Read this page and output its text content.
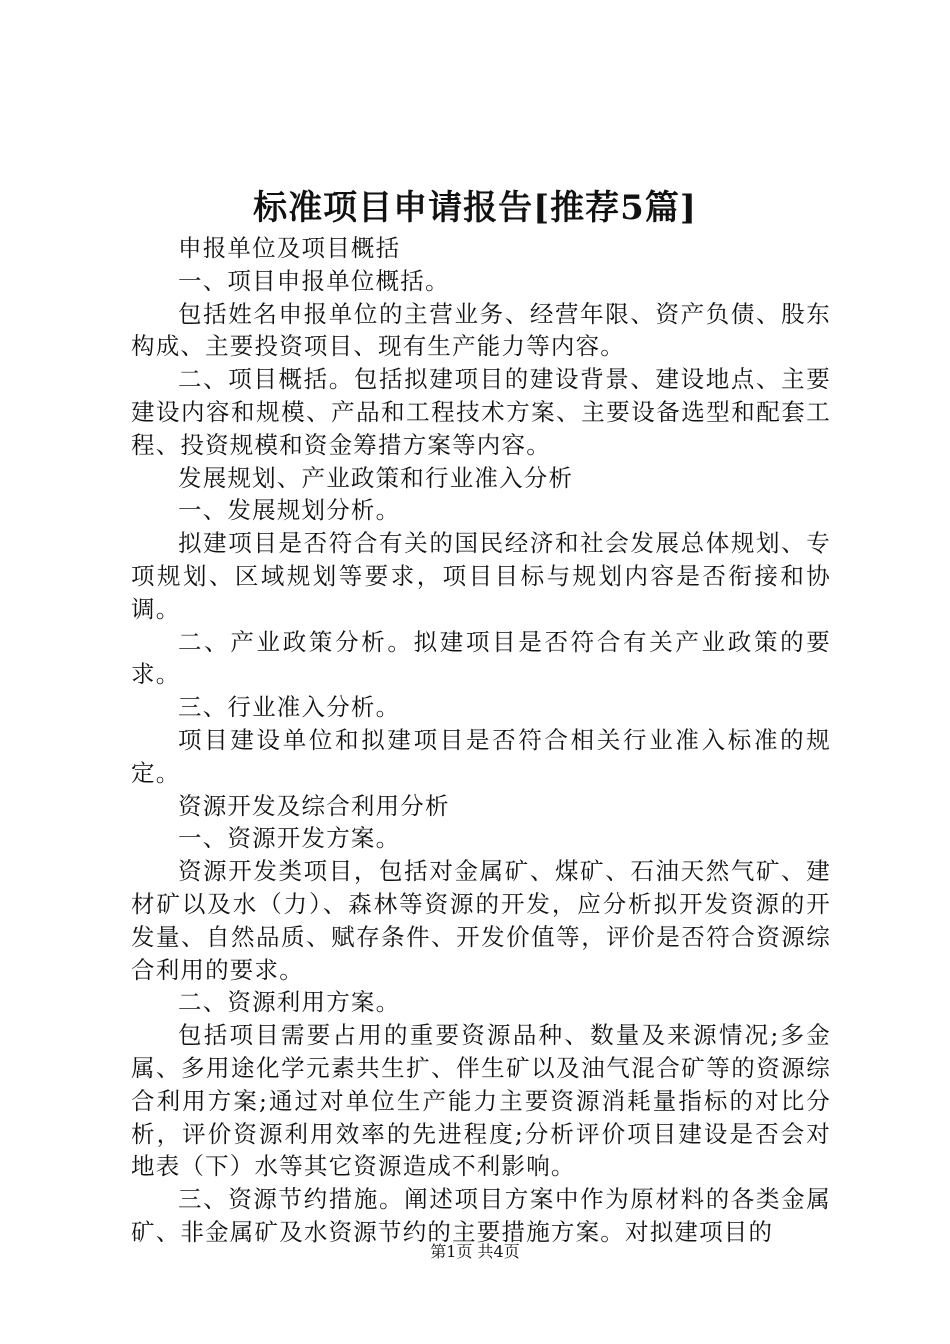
标准项目申请报告[推荐5篇]

申报单位及项目概括

一、项目申报单位概括。

包括姓名申报单位的主营业务、经营年限、资产负债、股东构成、主要投资项目、现有生产能力等内容。

二、项目概括。包括拟建项目的建设背景、建设地点、主要建设内容和规模、产品和工程技术方案、主要设备选型和配套工程、投资规模和资金筹措方案等内容。

发展规划、产业政策和行业准入分析

一、发展规划分析。

拟建项目是否符合有关的国民经济和社会发展总体规划、专项规划、区域规划等要求，项目目标与规划内容是否衔接和协调。

二、产业政策分析。拟建项目是否符合有关产业政策的要求。

三、行业准入分析。

项目建设单位和拟建项目是否符合相关行业准入标准的规定。

资源开发及综合利用分析

一、资源开发方案。

资源开发类项目，包括对金属矿、煤矿、石油天然气矿、建材矿以及水（力）、森林等资源的开发，应分析拟开发资源的开发量、自然品质、赋存条件、开发价值等，评价是否符合资源综合利用的要求。

二、资源利用方案。

包括项目需要占用的重要资源品种、数量及来源情况;多金属、多用途化学元素共生扩、伴生矿以及油气混合矿等的资源综合利用方案;通过对单位生产能力主要资源消耗量指标的对比分析，评价资源利用效率的先进程度;分析评价项目建设是否会对地表（下）水等其它资源造成不利影响。

三、资源节约措施。阐述项目方案中作为原材料的各类金属矿、非金属矿及水资源节约的主要措施方案。对拟建项目的

第1页 共4页
